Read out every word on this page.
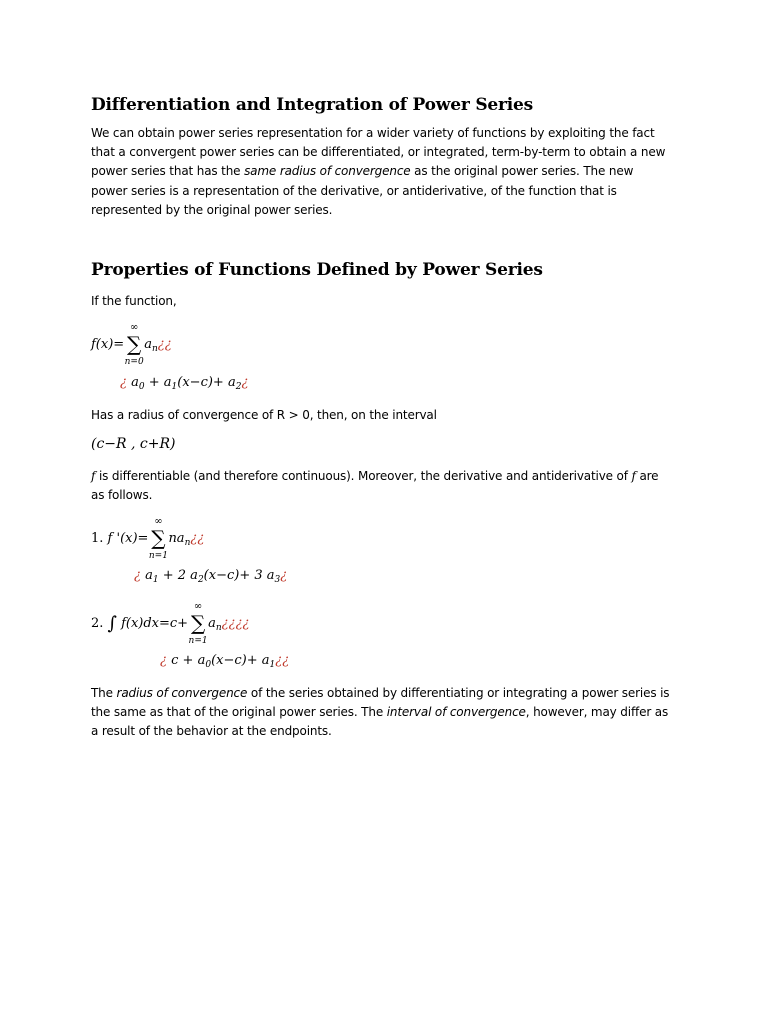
Differentiation and Integration of Power Series
We can obtain power series representation for a wider variety of functions by exploiting the fact that a convergent power series can be differentiated, or integrated, term-by-term to obtain a new power series that has the same radius of convergence as the original power series. The new power series is a representation of the derivative, or antiderivative, of the function that is represented by the original power series.
Properties of Functions Defined by Power Series
If the function,
f(x)= ∑
∞
n=0
$a_n¿¿$
¿ $a_0 + a_1(x-c)+$ $a_2¿$
Has a radius of convergence of R > 0, then, on the interval
(c−R , c+R)
f is differentiable (and therefore continuous). Moreover, the derivative and antiderivative of f are as follows.
1. f '(x)= ∑
∞
n=1
$na_n¿¿$
¿ $a_1 + 2$ $a_2(x-c)+ 3$ $a_3¿$
2. ∫ f(x)dx=c+ ∑
∞
n=1
$a_n¿¿¿¿$
¿ $c + a_0(x-c)+$ $a_1¿¿$
The radius of convergence of the series obtained by differentiating or integrating a power series is the same as that of the original power series. The interval of convergence, however, may differ as a result of the behavior at the endpoints.
